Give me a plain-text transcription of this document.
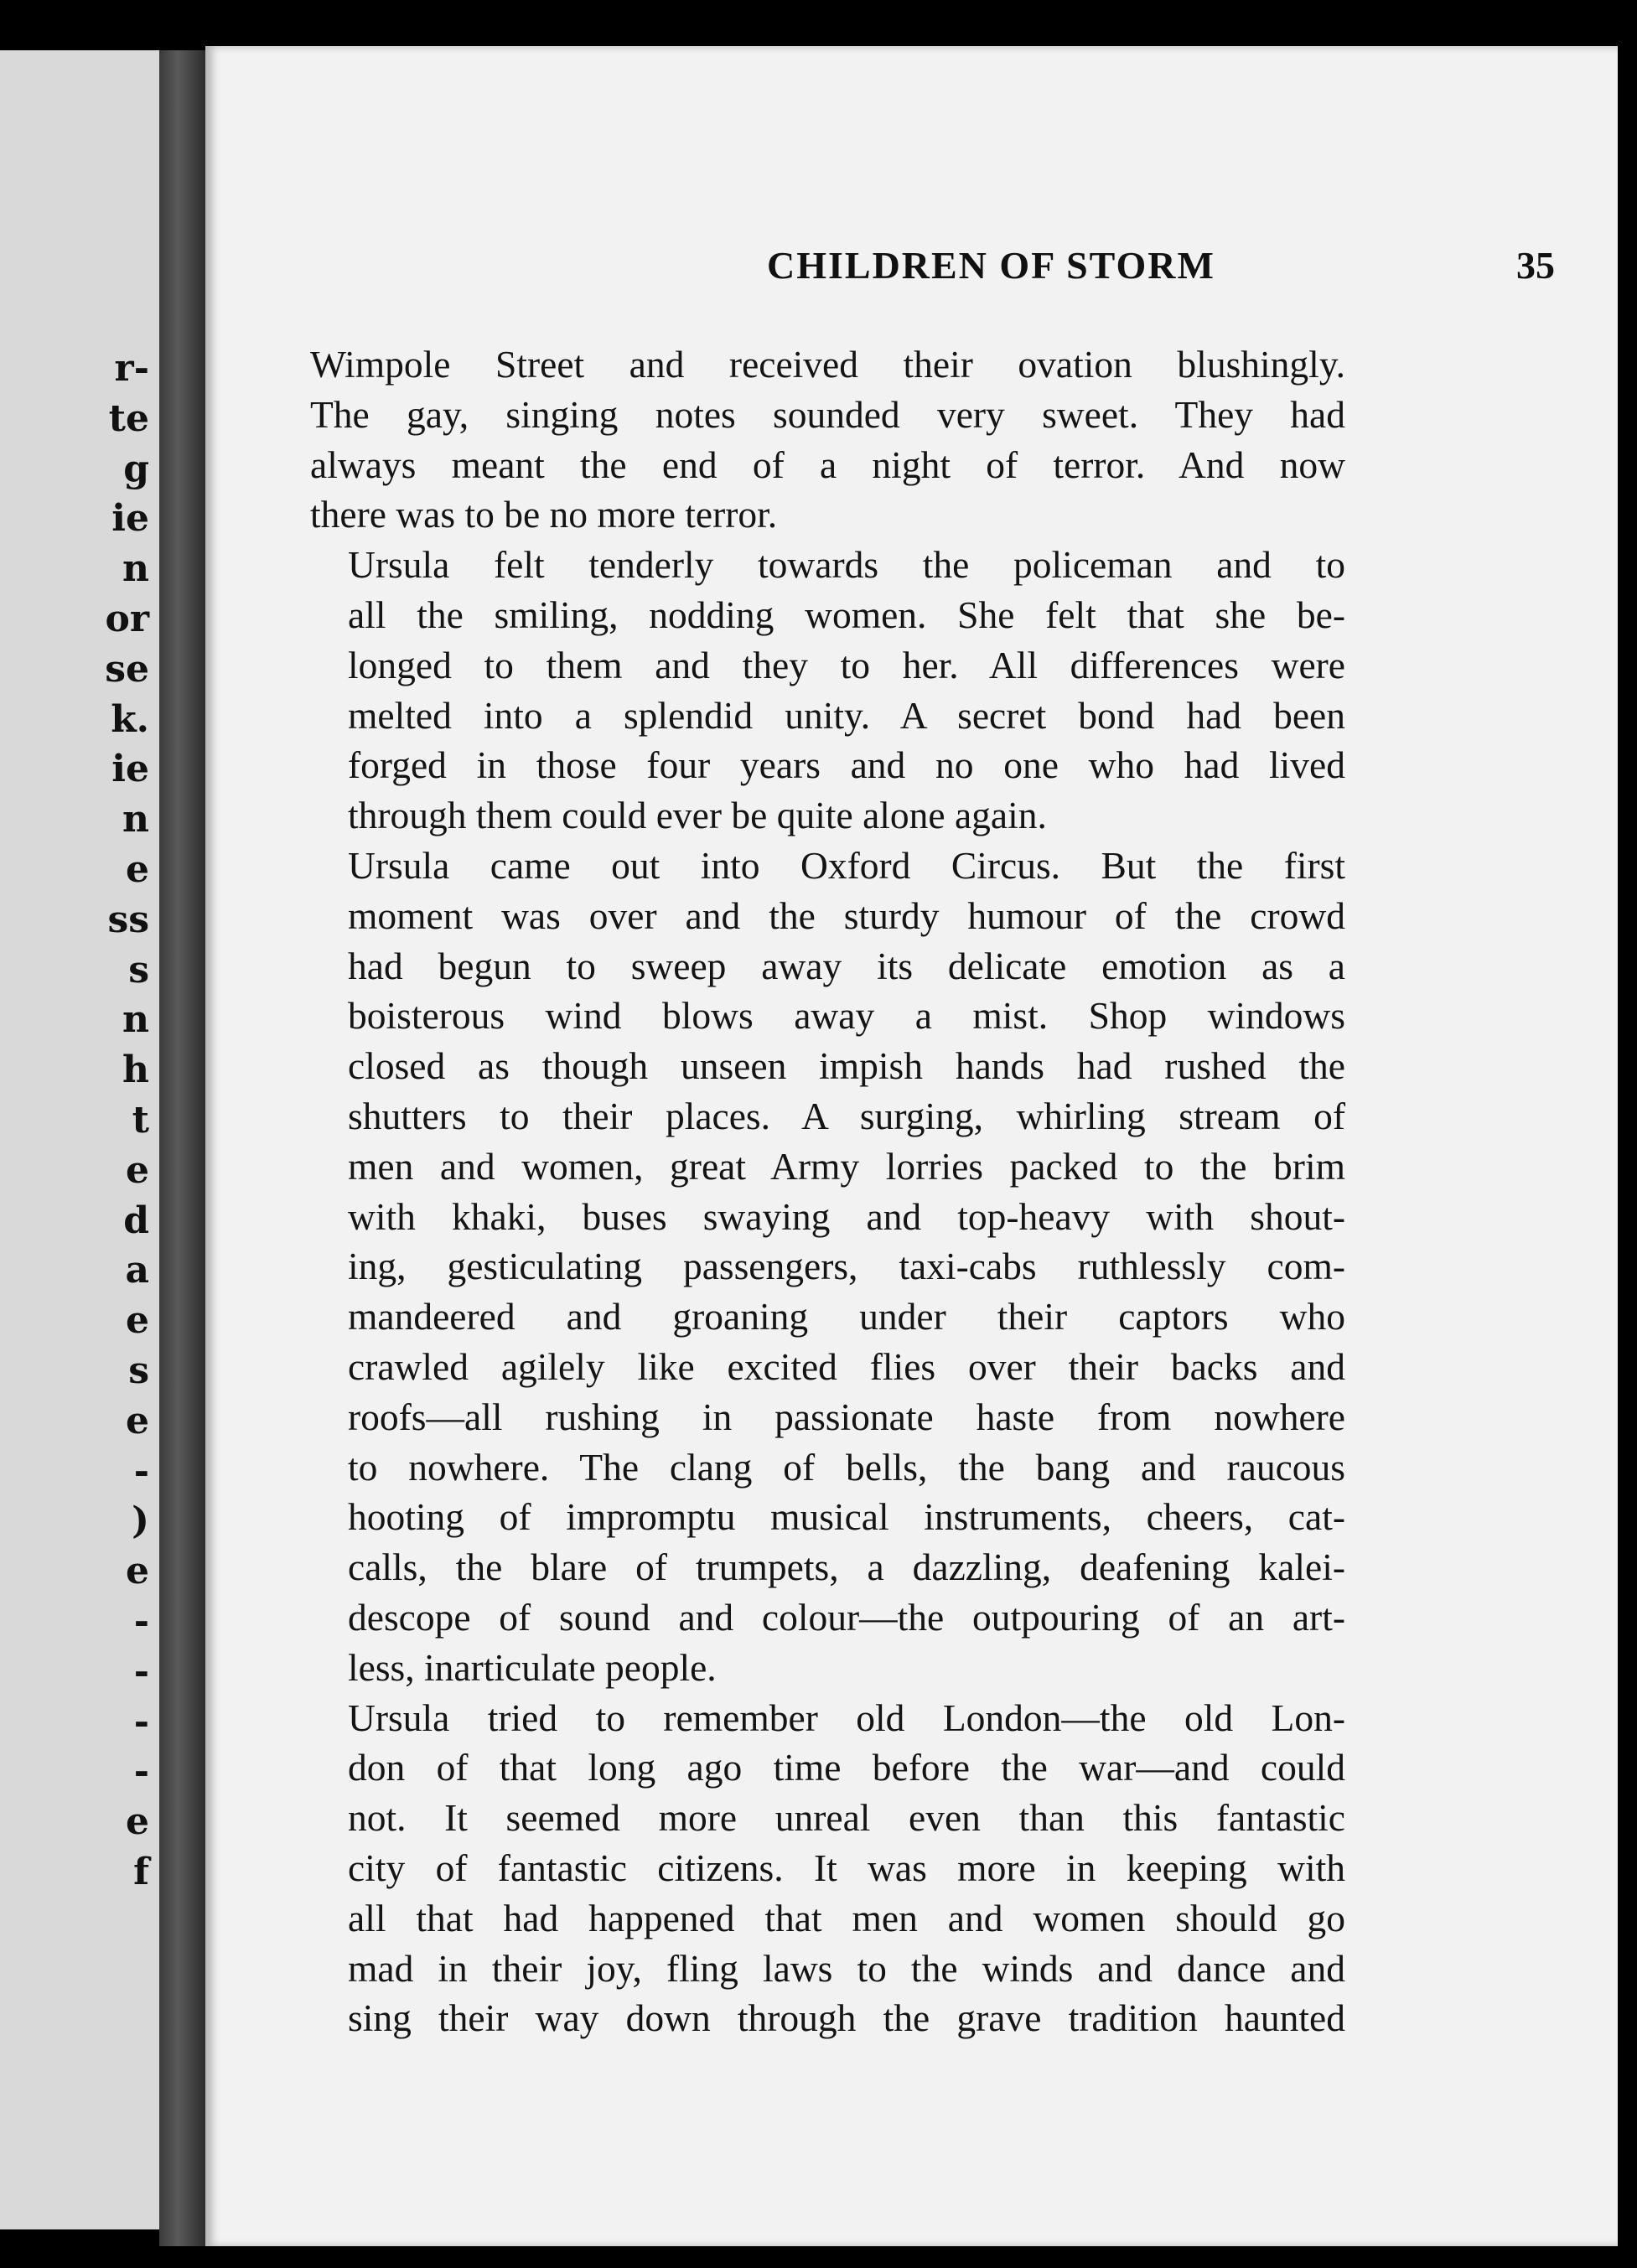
r-
te
g
ie
n
or
se
k.
ie
n
e
ss
s
n
h
t
e
d
a
e
s
e
-
)
e
-
-
-
-
e
f
CHILDREN OF STORM	35

Wimpole Street and received their ovation blushingly.
The gay, singing notes sounded very sweet. They had
always meant the end of a night of terror. And now
there was to be no more terror.

Ursula felt tenderly towards the policeman and to
all the smiling, nodding women. She felt that she be-
longed to them and they to her. All differences were
melted into a splendid unity. A secret bond had been
forged in those four years and no one who had lived
through them could ever be quite alone again.

Ursula came out into Oxford Circus. But the first
moment was over and the sturdy humour of the crowd
had begun to sweep away its delicate emotion as a
boisterous wind blows away a mist. Shop windows
closed as though unseen impish hands had rushed the
shutters to their places. A surging, whirling stream of
men and women, great Army lorries packed to the brim
with khaki, buses swaying and top-heavy with shout-
ing, gesticulating passengers, taxi-cabs ruthlessly com-
mandeered and groaning under their captors who
crawled agilely like excited flies over their backs and
roofs—all rushing in passionate haste from nowhere
to nowhere. The clang of bells, the bang and raucous
hooting of impromptu musical instruments, cheers, cat-
calls, the blare of trumpets, a dazzling, deafening kalei-
descope of sound and colour—the outpouring of an art-
less, inarticulate people.

Ursula tried to remember old London—the old Lon-
don of that long ago time before the war—and could
not. It seemed more unreal even than this fantastic
city of fantastic citizens. It was more in keeping with
all that had happened that men and women should go
mad in their joy, fling laws to the winds and dance and
sing their way down through the grave tradition haunted
